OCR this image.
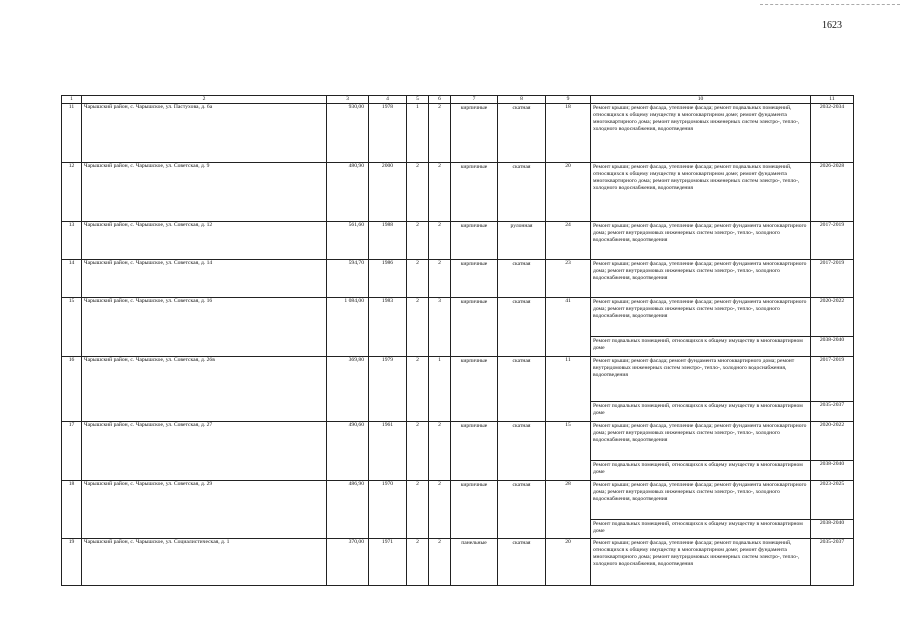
1623
1	2	3	4	5	6	7	8	9	10	11
11	Чарышский район, с. Чарышское, ул. Пастухова, д. 6а	930,00	1978	1	2	кирпичные	скатная	18	Ремонт крыши; ремонт фасада, утепление фасада; ремонт подвальных помещений, относящихся к общему имуществу в многоквартирном доме; ремонт фундамента многоквартирного дома; ремонт внутридомовых инженерных систем электро-, тепло-, холодного водоснабжения, водоотведения	2032-2034
12	Чарышский район, с. Чарышское, ул. Советская, д. 9	480,90	2000	2	2	кирпичные	скатная	20	Ремонт крыши; ремонт фасада, утепление фасада; ремонт подвальных помещений, относящихся к общему имуществу в многоквартирном доме; ремонт фундамента многоквартирного дома; ремонт внутридомовых инженерных систем электро-, тепло-, холодного водоснабжения, водоотведения	2026-2028
13	Чарышский район, с. Чарышское, ул. Советская, д. 12	561,60	1988	2	2	кирпичные	рулонная	24	Ремонт крыши; ремонт фасада, утепление фасада; ремонт фундамента многоквартирного дома; ремонт внутридомовых инженерных систем электро-, тепло-, холодного водоснабжения, водоотведения	2017-2019
14	Чарышский район, с. Чарышское, ул. Советская, д. 14	594,70	1986	2	2	кирпичные	скатная	23	Ремонт крыши; ремонт фасада, утепление фасада; ремонт фундамента многоквартирного дома; ремонт внутридомовых инженерных систем электро-, тепло-, холодного водоснабжения, водоотведения	2017-2019
15	Чарышский район, с. Чарышское, ул. Советская, д. 16	1 084,00	1983	2	3	кирпичные	скатная	41	Ремонт крыши; ремонт фасада, утепление фасада; ремонт фундамента многоквартирного дома; ремонт внутридомовых инженерных систем электро-, тепло-, холодного водоснабжения, водоотведения	2020-2022
									Ремонт подвальных помещений, относящихся к общему имуществу в многоквартирном доме	2038-2040
16	Чарышский район, с. Чарышское, ул. Советская, д. 26в	369,80	1979	2	1	кирпичные	скатная	11	Ремонт крыши; ремонт фасада; ремонт фундамента многоквартирного дома; ремонт внутридомовых инженерных систем электро-, тепло-, холодного водоснабжения, водоотведения	2017-2019
									Ремонт подвальных помещений, относящихся к общему имуществу в многоквартирном доме	2035-2037
17	Чарышский район, с. Чарышское, ул. Советская, д. 27	490,60	1961	2	2	кирпичные	скатная	15	Ремонт крыши; ремонт фасада, утепление фасада; ремонт фундамента многоквартирного дома; ремонт внутридомовых инженерных систем электро-, тепло-, холодного водоснабжения, водоотведения	2020-2022
									Ремонт подвальных помещений, относящихся к общему имуществу в многоквартирном доме	2038-2040
18	Чарышский район, с. Чарышское, ул. Советская, д. 29	486,90	1970	2	2	кирпичные	скатная	28	Ремонт крыши; ремонт фасада, утепление фасада; ремонт фундамента многоквартирного дома; ремонт внутридомовых инженерных систем электро-, тепло-, холодного водоснабжения, водоотведения	2023-2025
									Ремонт подвальных помещений, относящихся к общему имуществу в многоквартирном доме	2038-2040
19	Чарышский район, с. Чарышское, ул. Социалистическая, д. 1	370,00	1971	2	2	панельные	скатная	20	Ремонт крыши; ремонт фасада, утепление фасада; ремонт подвальных помещений, относящихся к общему имуществу в многоквартирном доме; ремонт фундамента многоквартирного дома; ремонт внутридомовых инженерных систем электро-, тепло-, холодного водоснабжения, водоотведения	2035-2037
